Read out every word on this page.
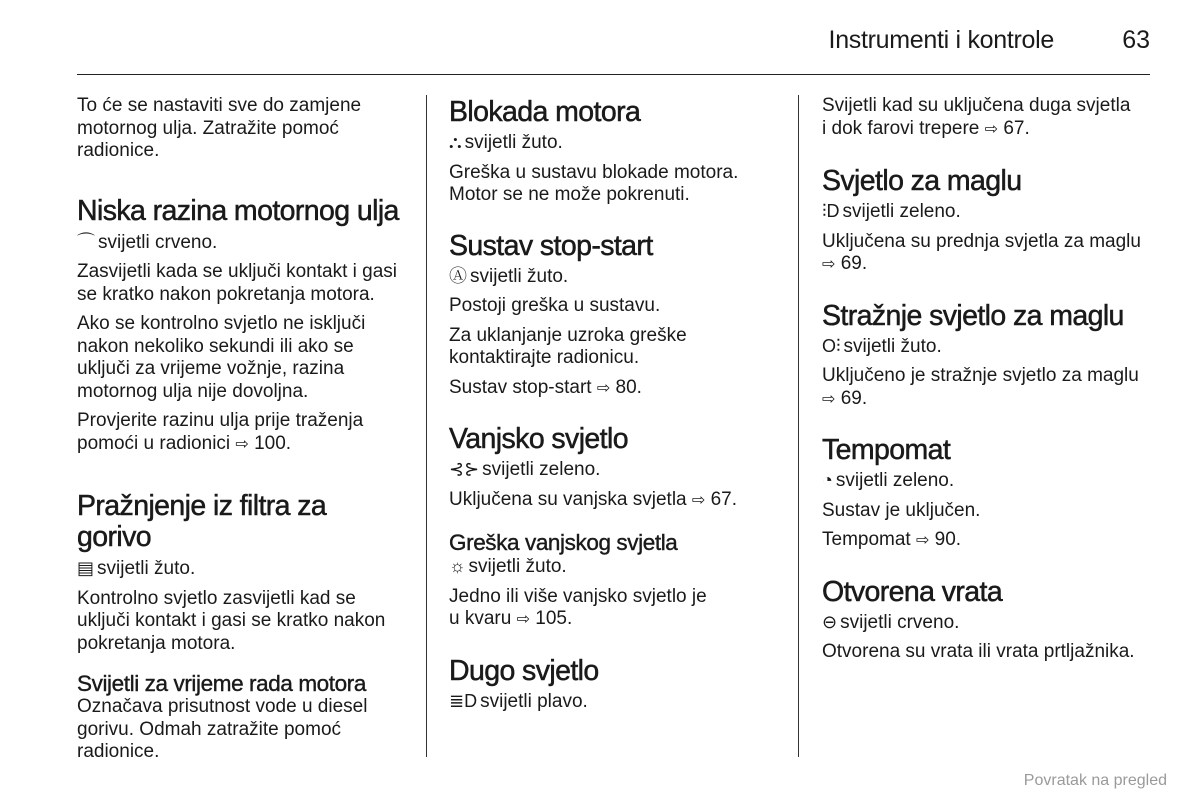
Instrumenti i kontrole	63

To će se nastaviti sve do zamjene
motornog ulja. Zatražite pomoć
radionice.

Niska razina motornog ulja

⌒ svijetli crveno.

Zasvijetli kada se uključi kontakt i gasi
se kratko nakon pokretanja motora.

Ako se kontrolno svjetlo ne isključi
nakon nekoliko sekundi ili ako se
uključi za vrijeme vožnje, razina
motornog ulja nije dovoljna.

Provjerite razinu ulja prije traženja
pomoći u radionici ⇨ 100.

Pražnjenje iz filtra za
gorivo

▤ svijetli žuto.

Kontrolno svjetlo zasvijetli kad se
uključi kontakt i gasi se kratko nakon
pokretanja motora.

Svijetli za vrijeme rada motora

Označava prisutnost vode u diesel
gorivu. Odmah zatražite pomoć
radionice.

Blokada motora

⛬ svijetli žuto.

Greška u sustavu blokade motora.
Motor se ne može pokrenuti.

Sustav stop-start

Ⓐ svijetli žuto.

Postoji greška u sustavu.

Za uklanjanje uzroka greške
kontaktirajte radionicu.

Sustav stop-start ⇨ 80.

Vanjsko svjetlo

⊰⊱ svijetli zeleno.

Uključena su vanjska svjetla ⇨ 67.

Greška vanjskog svjetla

☼ svijetli žuto.

Jedno ili više vanjsko svjetlo je
u kvaru ⇨ 105.

Dugo svjetlo

≣D svijetli plavo.

Svijetli kad su uključena duga svjetla
i dok farovi trepere ⇨ 67.

Svjetlo za maglu

⫶D svijetli zeleno.

Uključena su prednja svjetla za maglu
⇨ 69.

Stražnje svjetlo za maglu

O⫶ svijetli žuto.

Uključeno je stražnje svjetlo za maglu
⇨ 69.

Tempomat

◔ svijetli zeleno.

Sustav je uključen.

Tempomat ⇨ 90.

Otvorena vrata

⊖ svijetli crveno.

Otvorena su vrata ili vrata prtljažnika.

Povratak na pregled
